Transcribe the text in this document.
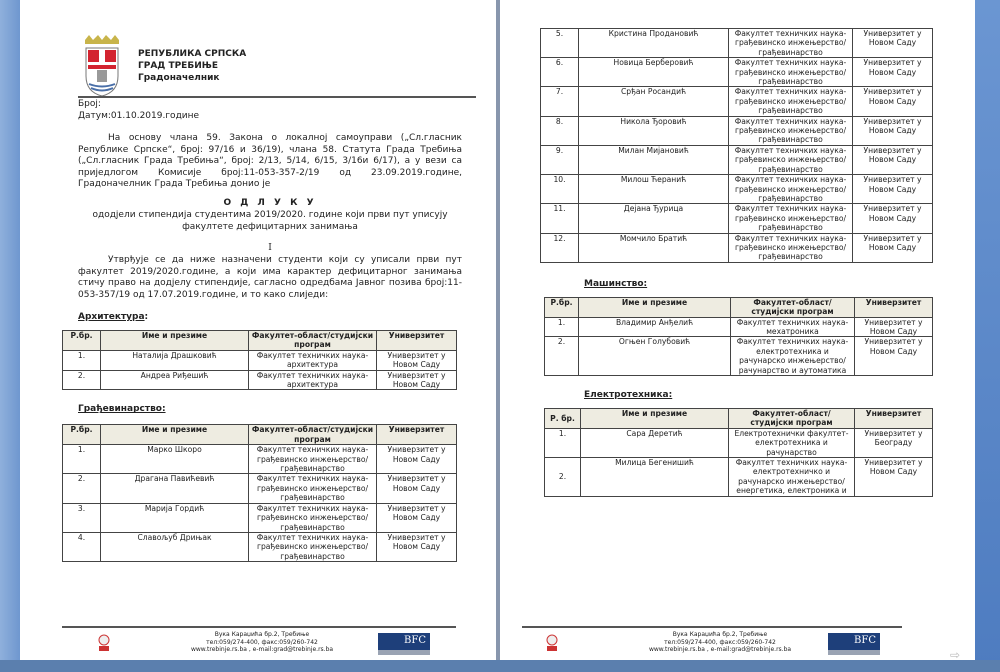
РЕПУБЛИКА СРПСКА
ГРАД ТРЕБИЊЕ
Градоначелник
Број:
Датум:01.10.2019.године
На основу члана 59. Закона о локалној самоуправи („Сл.гласник Републике Српске“, број: 97/16 и 36/19), члана 58. Статута Града Требиња („Сл.гласник Града Требиња“, број: 2/13, 5/14, 6/15, 3/16и 6/17), а у вези са приједлогом Комисије број:11-053-357-2/19 од 23.09.2019.године, Градоначелник Града Требиња донио је
О Д Л У К У
ододјели стипендија студентима 2019/2020. године који први пут уписују
факултете дефицитарних занимања
I
Утврђује се да ниже назначени студенти који су уписали први пут факултет 2019/2020.године, а који има карактер дефицитарног занимања стичу право на додјелу стипендије, сагласно одредбама Јавног позива број:11-053-357/19 од 17.07.2019.године, и то како слиједи:
Архитектура:
Р.бр.	Име и презиме	Факултет-област/студијски програм	Универзитет
1.	Наталија Драшковић	Факултет техничких наука-архитектура	Универзитет у Новом Саду
2.	Андреа Риђешић	Факултет техничких наука-архитектура	Универзитет у Новом Саду
Грађевинарство:
Р.бр.	Име и презиме	Факултет-област/студијски програм	Универзитет
1.	Марко Шкоро	Факултет техничких наука-грађевинско инжењерство/ грађевинарство	Универзитет у Новом Саду
2.	Драгана Павићевић	Факултет техничких наука-грађевинско инжењерство/ грађевинарство	Универзитет у Новом Саду
3.	Марија Гордић	Факултет техничких наука-грађевинско инжењерство/ грађевинарство	Универзитет у Новом Саду
4.	Славољуб Дрињак	Факултет техничких наука-грађевинско инжењерство/ грађевинарство	Универзитет у Новом Саду
Вука Караџића бр.2, Требиње
тел:059/274-400, факс:059/260-742
www.trebinje.rs.ba , e-mail:grad@trebinje.rs.ba
BFC
5.	Кристина Продановић	Факултет техничких наука-грађевинско инжењерство/ грађевинарство	Универзитет у Новом Саду
6.	Новица Берберовић	Факултет техничких наука-грађевинско инжењерство/ грађевинарство	Универзитет у Новом Саду
7.	Срђан Росандић	Факултет техничких наука-грађевинско инжењерство/ грађевинарство	Универзитет у Новом Саду
8.	Никола Ђоровић	Факултет техничких наука-грађевинско инжењерство/ грађевинарство	Универзитет у Новом Саду
9.	Милан Мијановић	Факултет техничких наука-грађевинско инжењерство/ грађевинарство	Универзитет у Новом Саду
10.	Милош Ћеранић	Факултет техничких наука-грађевинско инжењерство/ грађевинарство	Универзитет у Новом Саду
11.	Дејана Ђурица	Факултет техничких наука-грађевинско инжењерство/ грађевинарство	Универзитет у Новом Саду
12.	Момчило Братић	Факултет техничких наука-грађевинско инжењерство/ грађевинарство	Универзитет у Новом Саду
Машинство:
Р.бр.	Име и презиме	Факултет-област/студијски програм	Универзитет
1.	Владимир Анђелић	Факултет техничких наука-мехатроника	Универзитет у Новом Саду
2.	Огњен Голубовић	Факултет техничких наука-електротехника и рачунарско инжењерство/рачунарство и аутоматика	Универзитет у Новом Саду
Електротехника:
Р. бр.	Име и презиме	Факултет-област/студијски програм	Универзитет
1.	Сара Деретић	Електротехнички факултет-електротехника и рачунарство	Универзитет у Београду
2.	Милица Бегенишић	Факултет техничких наука-електротехничко и рачунарско инжењерство/енергетика, електроника и	Универзитет у Новом Саду
Вука Караџића бр.2, Требиње
тел:059/274-400, факс:059/260-742
www.trebinje.rs.ba , e-mail:grad@trebinje.rs.ba
BFC
⇨
